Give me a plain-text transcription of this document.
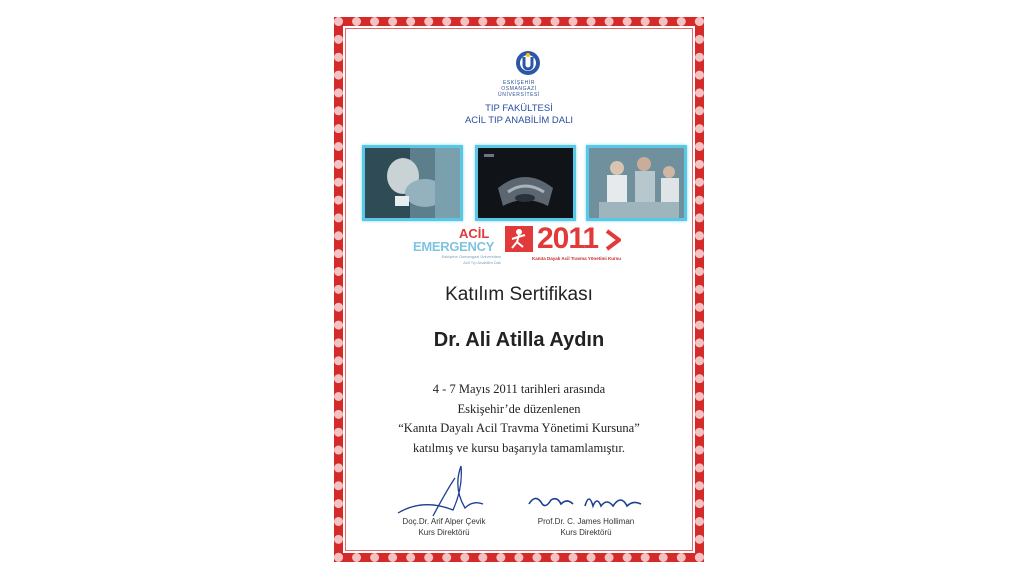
ESKİŞEHİR
OSMANGAZİ
ÜNİVERSİTESİ
TIP FAKÜLTESİ
ACİL TIP ANABİLİM DALI
ACİL
EMERGENCY
Eskişehir Osmangazi Üniversitesi
Acil Tıp Anabilim Dalı
2011
Kanıta Dayalı Acil Travma Yönetimi Kursu
Katılım Sertifikası
Dr. Ali Atilla Aydın
4 - 7 Mayıs 2011 tarihleri arasında
Eskişehir’de düzenlenen
“Kanıta Dayalı Acil Travma Yönetimi Kursuna”
katılmış ve kursu başarıyla tamamlamıştır.
Doç.Dr. Arif Alper Çevik
Kurs Direktörü
Prof.Dr. C. James Holliman
Kurs Direktörü
